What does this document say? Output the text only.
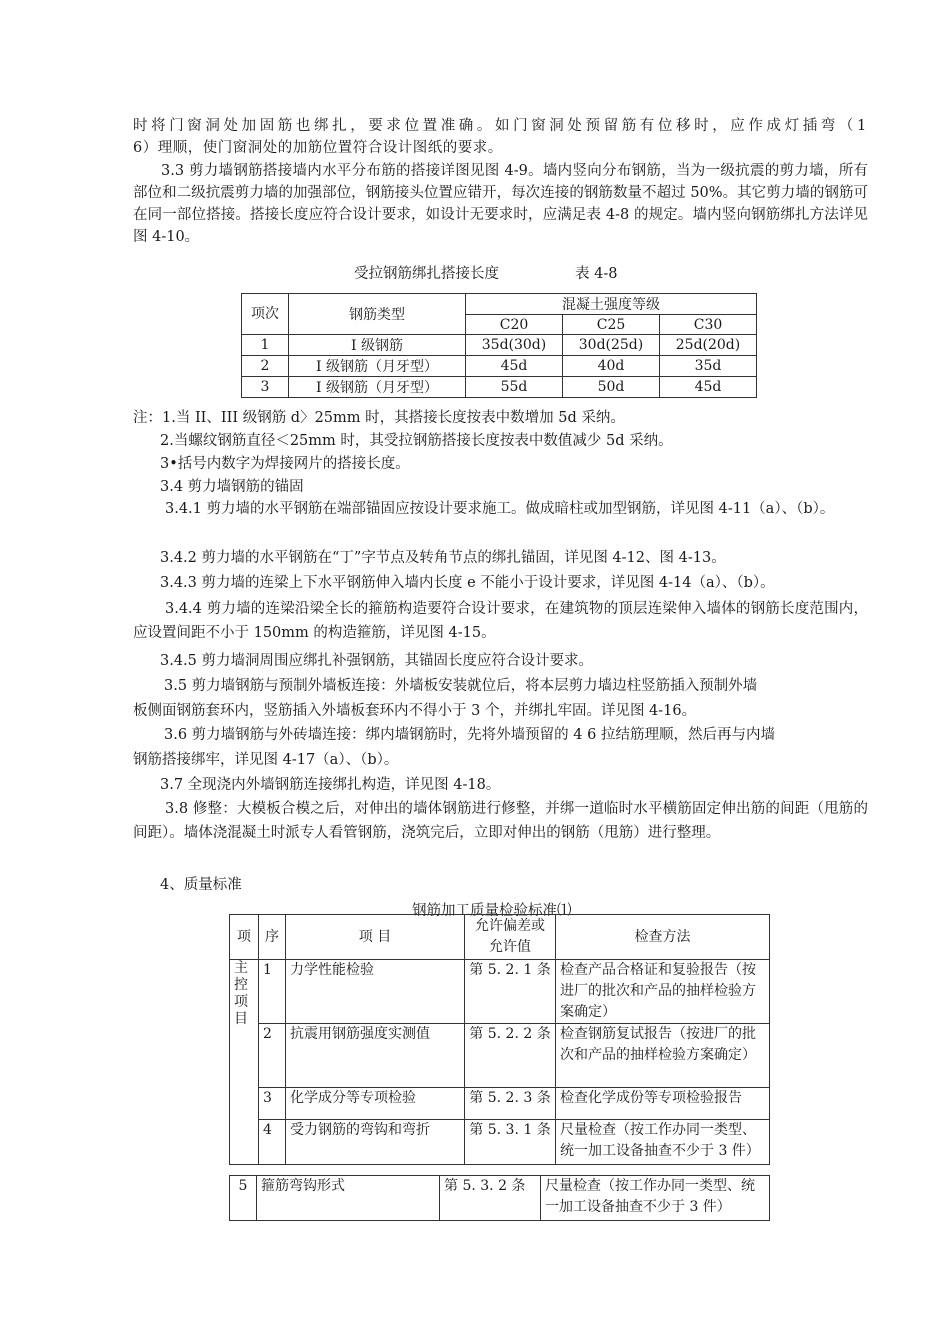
时将门窗洞处加固筋也绑扎，要求位置准确。如门窗洞处预留筋有位移时，应作成灯插弯（1
6）理顺，使门窗洞处的加筋位置符合设计图纸的要求。
3.3 剪力墙钢筋搭接墙内水平分布筋的搭接详图见图 4-9。墙内竖向分布钢筋，当为一级抗震的剪力墙，所有部位和二级抗震剪力墙的加强部位，钢筋接头位置应错开，每次连接的钢筋数量不超过 50%。其它剪力墙的钢筋可在同一部位搭接。搭接长度应符合设计要求，如设计无要求时，应满足表 4-8 的规定。墙内竖向钢筋绑扎方法详见图 4-10。
受拉钢筋绑扎搭接长度	表 4-8
项次	钢筋类型	混凝土强度等级		
		C20	C25	C30
1	I 级钢筋	35d(30d)	30d(25d)	25d(20d)
2	I 级钢筋（月牙型）	45d	40d	35d
3	I 级钢筋（月牙型）	55d	50d	45d
注：1.当 II、III 级钢筋 d〉25mm 时，其搭接长度按表中数增加 5d 采纳。
2.当螺纹钢筋直径＜25mm 时，其受拉钢筋搭接长度按表中数值减少 5d 采纳。
3•括号内数字为焊接网片的搭接长度。
3.4 剪力墙钢筋的锚固
3.4.1 剪力墙的水平钢筋在端部锚固应按设计要求施工。做成暗柱或加型钢筋，详见图 4-11（a）、（b）。
3.4.2 剪力墙的水平钢筋在“丁”字节点及转角节点的绑扎锚固，详见图 4-12、图 4-13。
3.4.3 剪力墙的连梁上下水平钢筋伸入墙内长度 e 不能小于设计要求，详见图 4-14（a）、（b）。
3.4.4 剪力墙的连梁沿梁全长的箍筋构造要符合设计要求，在建筑物的顶层连梁伸入墙体的钢筋长度范围内，应设置间距不小于 150mm 的构造箍筋，详见图 4-15。
3.4.5 剪力墙洞周围应绑扎补强钢筋，其锚固长度应符合设计要求。
3.5 剪力墙钢筋与预制外墙板连接：外墙板安装就位后，将本层剪力墙边柱竖筋插入预制外墙
板侧面钢筋套环内，竖筋插入外墙板套环内不得小于 3 个，并绑扎牢固。详见图 4-16。
3.6 剪力墙钢筋与外砖墙连接：绑内墙钢筋时，先将外墙预留的 4 6 拉结筋理顺，然后再与内墙
钢筋搭接绑牢，详见图 4-17（a）、（b）。
3.7 全现浇内外墙钢筋连接绑扎构造，详见图 4-18。
3.8 修整：大模板合模之后，对伸出的墙体钢筋进行修整，并绑一道临时水平横筋固定伸出筋的间距（甩筋的间距）。墙体浇混凝土时派专人看管钢筋，浇筑完后，立即对伸出的钢筋（甩筋）进行整理。
4、质量标准
钢筋加工质量检验标准⑴
项	序	项 目	允许偏差或允许值	检查方法
主控项目	1	力学性能检验	第 5. 2. 1 条	检查产品合格证和复验报告（按进厂的批次和产品的抽样检验方案确定）
	2	抗震用钢筋强度实测值	第 5. 2. 2 条	检查钢筋复试报告（按进厂的批次和产品的抽样检验方案确定）
	3	化学成分等专项检验	第 5. 2. 3 条	检查化学成份等专项检验报告
	4	受力钢筋的弯钩和弯折	第 5. 3. 1 条	尺量检查（按工作办同一类型、统一加工设备抽查不少于 3 件）
5	箍筋弯钩形式	第 5. 3. 2 条	尺量检查（按工作办同一类型、统一加工设备抽查不少于 3 件）
